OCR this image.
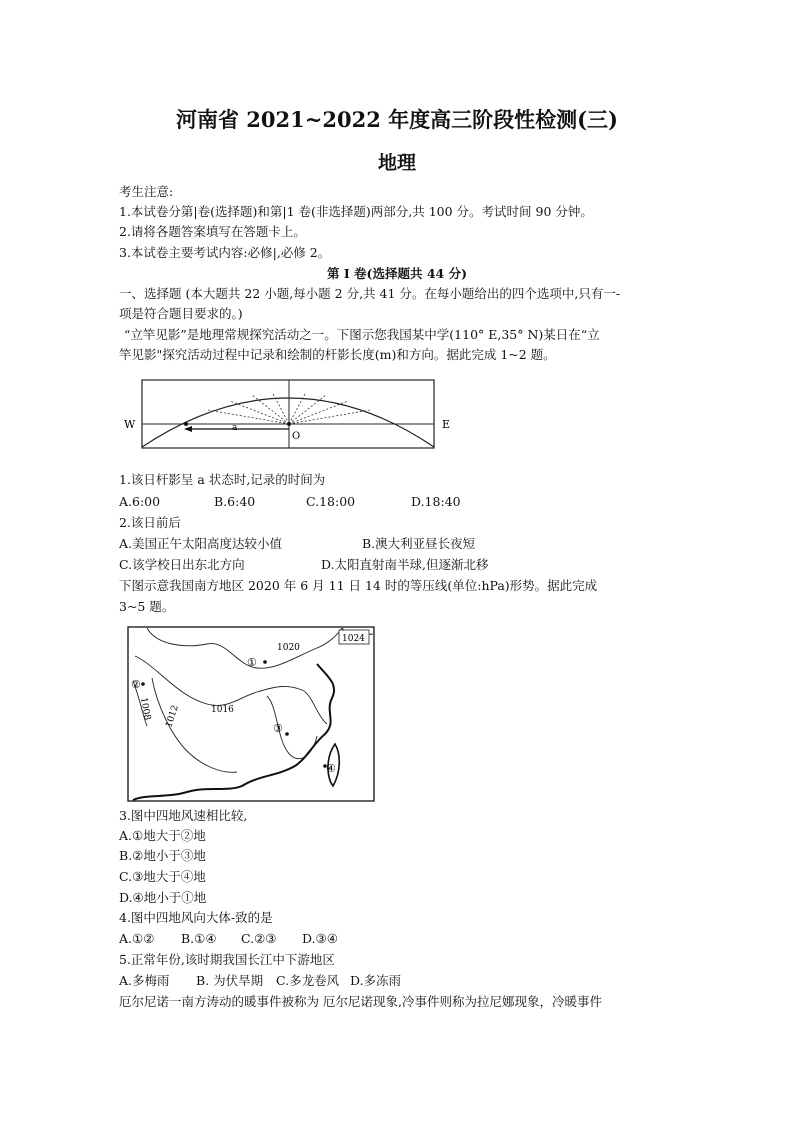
河南省 2021~2022 年度高三阶段性检测(三)
地理
考生注意:
1.本试卷分第|卷(选择题)和第|1 卷(非选择题)两部分,共 100 分。考试时间 90 分钟。
2.请将各题答案填写在答题卡上。
3.本试卷主要考试内容:必修|,必修 2。
第 I 卷(选择题共 44 分)
一、选择题 (本大题共 22 小题,每小题 2 分,共 41 分。在每小题给出的四个选项中,只有一-
项是符合题目要求的。)
“立竿见影”是地理常规探究活动之一。下图示您我国某中学(110° E,35° N)某日在“立
竿见影"探究活动过程中记录和绘制的杆影长度(m)和方向。据此完成 1~2 题。
W	E
O
a
1.该日杆影呈 a 状态时,记录的时间为
A.6:00	B.6:40	C.18:00	D.18:40
2.该日前后
A.美国正午太阳高度达较小值	B.澳大利亚昼长夜短
C.该学校日出东北方向	D.太阳直射南半球,但逐渐北移
下图示意我国南方地区 2020 年 6 月 11 日 14 时的等压线(单位:hPa)形势。据此完成
3~5 题。
1024
1020
1016
1012
1008
①
②
③
④
3.图中四地风速相比较,
A.①地大于②地
B.②地小于③地
C.③地大于④地
D.④地小于①地
4.图中四地风向大体-致的是
A.①② B.①④ C.②③ D.③④
5.正常年份,该时期我国长江中下游地区
A.多梅雨 B. 为伏旱期 C.多龙卷风 D.多冻雨
厄尔尼诺一南方涛动的暖事件被称为 厄尔尼诺现象,冷事件则称为拉尼娜现象，冷暖事件
